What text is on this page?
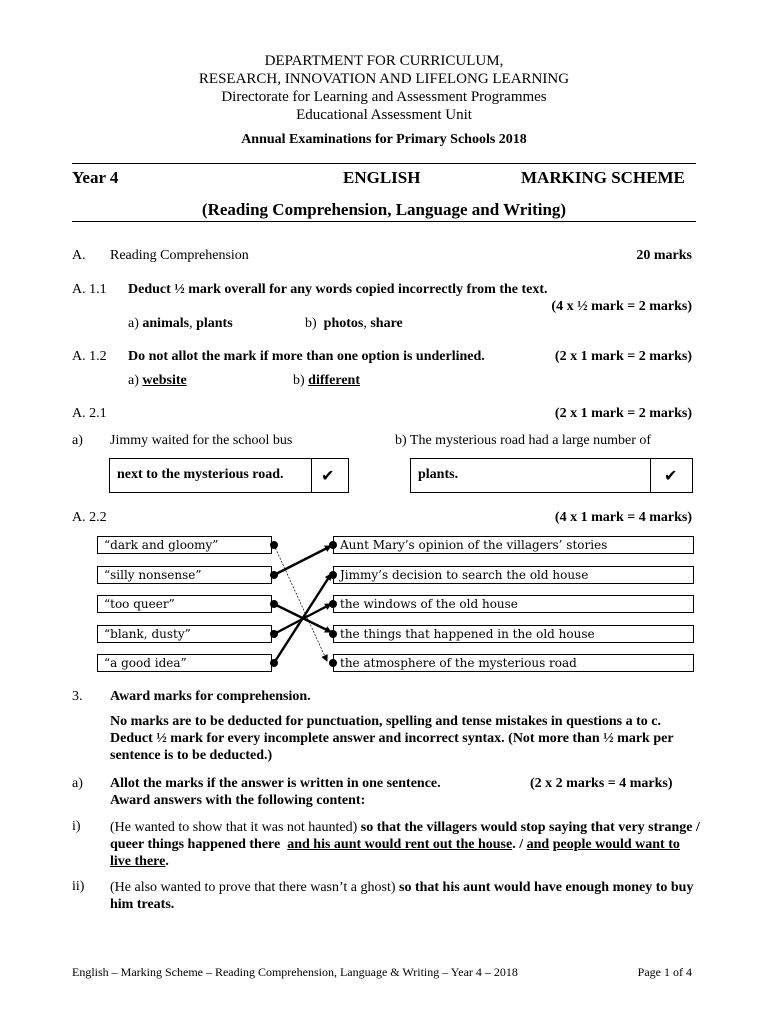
DEPARTMENT FOR CURRICULUM,
RESEARCH, INNOVATION AND LIFELONG LEARNING
Directorate for Learning and Assessment Programmes
Educational Assessment Unit
Annual Examinations for Primary Schools 2018
Year 4	ENGLISH	MARKING SCHEME
(Reading Comprehension, Language and Writing)
A. Reading Comprehension	20 marks
A. 1.1 Deduct ½ mark overall for any words copied incorrectly from the text.
(4 x ½ mark = 2 marks)
a) animals, plants	b) photos, share
A. 1.2 Do not allot the mark if more than one option is underlined.	(2 x 1 mark = 2 marks)
a) website	b) different
A. 2.1	(2 x 1 mark = 2 marks)
a) Jimmy waited for the school bus	b) The mysterious road had a large number of
next to the mysterious road. ✔	plants.	✔
A. 2.2	(4 x 1 mark = 4 marks)
“dark and gloomy”
“silly nonsense”
“too queer”
“blank, dusty”
“a good idea”
Aunt Mary’s opinion of the villagers’ stories
Jimmy’s decision to search the old house
the windows of the old house
the things that happened in the old house
the atmosphere of the mysterious road
3. Award marks for comprehension.
No marks are to be deducted for punctuation, spelling and tense mistakes in questions a to c. Deduct ½ mark for every incomplete answer and incorrect syntax. (Not more than ½ mark per sentence is to be deducted.)
a) Allot the marks if the answer is written in one sentence.	(2 x 2 marks = 4 marks)
Award answers with the following content:
i) (He wanted to show that it was not haunted) so that the villagers would stop saying that very strange / queer things happened there and his aunt would rent out the house. / and people would want to live there.
ii) (He also wanted to prove that there wasn’t a ghost) so that his aunt would have enough money to buy him treats.
English – Marking Scheme – Reading Comprehension, Language & Writing – Year 4 – 2018	Page 1 of 4
